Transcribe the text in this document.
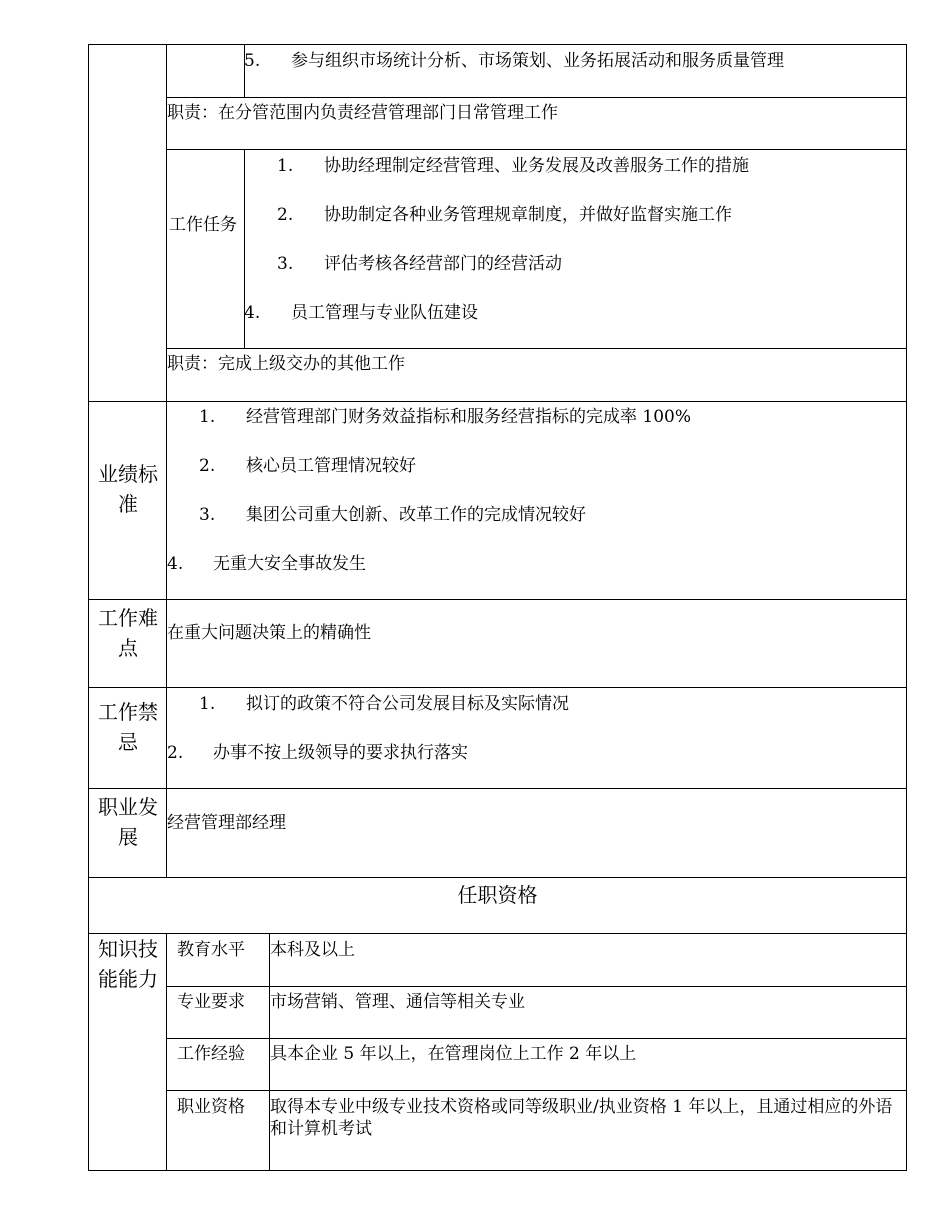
5. 参与组织市场统计分析、市场策划、业务拓展活动和服务质量管理
职责：在分管范围内负责经营管理部门日常管理工作
工作任务
1. 协助经理制定经营管理、业务发展及改善服务工作的措施
2. 协助制定各种业务管理规章制度，并做好监督实施工作
3. 评估考核各经营部门的经营活动
4. 员工管理与专业队伍建设
职责：完成上级交办的其他工作
业绩标准
1. 经营管理部门财务效益指标和服务经营指标的完成率 100%
2. 核心员工管理情况较好
3. 集团公司重大创新、改革工作的完成情况较好
4. 无重大安全事故发生
工作难点
在重大问题决策上的精确性
工作禁忌
1. 拟订的政策不符合公司发展目标及实际情况
2. 办事不按上级领导的要求执行落实
职业发展
经营管理部经理
任职资格
知识技能能力
教育水平 本科及以上
专业要求 市场营销、管理、通信等相关专业
工作经验 具本企业 5 年以上，在管理岗位上工作 2 年以上
职业资格 取得本专业中级专业技术资格或同等级职业/执业资格 1 年以上，且通过相应的外语和计算机考试
